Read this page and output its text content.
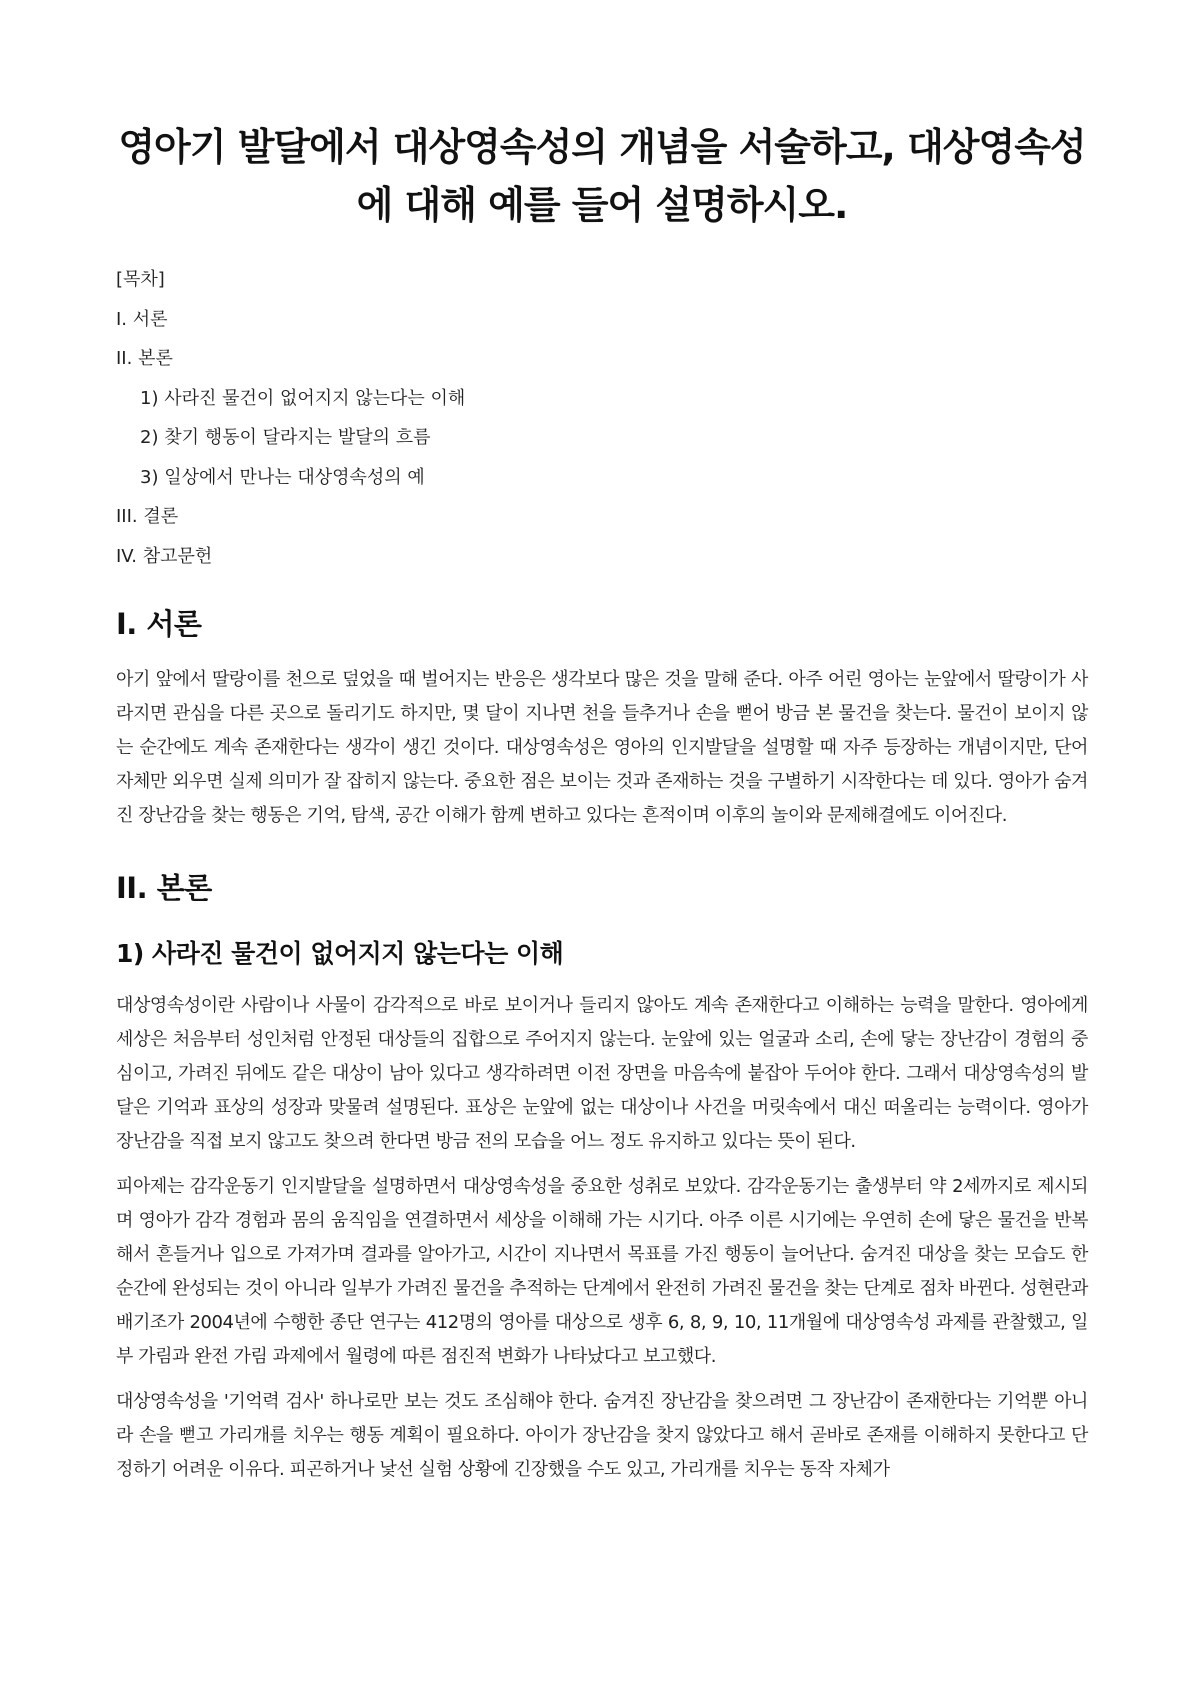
영아기 발달에서 대상영속성의 개념을 서술하고, 대상영속성에 대해 예를 들어 설명하시오.
[목차]
I. 서론
II. 본론
1) 사라진 물건이 없어지지 않는다는 이해
2) 찾기 행동이 달라지는 발달의 흐름
3) 일상에서 만나는 대상영속성의 예
III. 결론
IV. 참고문헌
I. 서론

아기 앞에서 딸랑이를 천으로 덮었을 때 벌어지는 반응은 생각보다 많은 것을 말해 준다. 아주 어린 영아는 눈앞에서 딸랑이가 사라지면 관심을 다른 곳으로 돌리기도 하지만, 몇 달이 지나면 천을 들추거나 손을 뻗어 방금 본 물건을 찾는다. 물건이 보이지 않는 순간에도 계속 존재한다는 생각이 생긴 것이다. 대상영속성은 영아의 인지발달을 설명할 때 자주 등장하는 개념이지만, 단어 자체만 외우면 실제 의미가 잘 잡히지 않는다. 중요한 점은 보이는 것과 존재하는 것을 구별하기 시작한다는 데 있다. 영아가 숨겨진 장난감을 찾는 행동은 기억, 탐색, 공간 이해가 함께 변하고 있다는 흔적이며 이후의 놀이와 문제해결에도 이어진다.

II. 본론
1) 사라진 물건이 없어지지 않는다는 이해

대상영속성이란 사람이나 사물이 감각적으로 바로 보이거나 들리지 않아도 계속 존재한다고 이해하는 능력을 말한다. 영아에게 세상은 처음부터 성인처럼 안정된 대상들의 집합으로 주어지지 않는다. 눈앞에 있는 얼굴과 소리, 손에 닿는 장난감이 경험의 중심이고, 가려진 뒤에도 같은 대상이 남아 있다고 생각하려면 이전 장면을 마음속에 붙잡아 두어야 한다. 그래서 대상영속성의 발달은 기억과 표상의 성장과 맞물려 설명된다. 표상은 눈앞에 없는 대상이나 사건을 머릿속에서 대신 떠올리는 능력이다. 영아가 장난감을 직접 보지 않고도 찾으려 한다면 방금 전의 모습을 어느 정도 유지하고 있다는 뜻이 된다.

피아제는 감각운동기 인지발달을 설명하면서 대상영속성을 중요한 성취로 보았다. 감각운동기는 출생부터 약 2세까지로 제시되며 영아가 감각 경험과 몸의 움직임을 연결하면서 세상을 이해해 가는 시기다. 아주 이른 시기에는 우연히 손에 닿은 물건을 반복해서 흔들거나 입으로 가져가며 결과를 알아가고, 시간이 지나면서 목표를 가진 행동이 늘어난다. 숨겨진 대상을 찾는 모습도 한순간에 완성되는 것이 아니라 일부가 가려진 물건을 추적하는 단계에서 완전히 가려진 물건을 찾는 단계로 점차 바뀐다. 성현란과 배기조가 2004년에 수행한 종단 연구는 412명의 영아를 대상으로 생후 6, 8, 9, 10, 11개월에 대상영속성 과제를 관찰했고, 일부 가림과 완전 가림 과제에서 월령에 따른 점진적 변화가 나타났다고 보고했다.

대상영속성을 '기억력 검사' 하나로만 보는 것도 조심해야 한다. 숨겨진 장난감을 찾으려면 그 장난감이 존재한다는 기억뿐 아니라 손을 뻗고 가리개를 치우는 행동 계획이 필요하다. 아이가 장난감을 찾지 않았다고 해서 곧바로 존재를 이해하지 못한다고 단정하기 어려운 이유다. 피곤하거나 낯선 실험 상황에 긴장했을 수도 있고, 가리개를 치우는 동작 자체가
